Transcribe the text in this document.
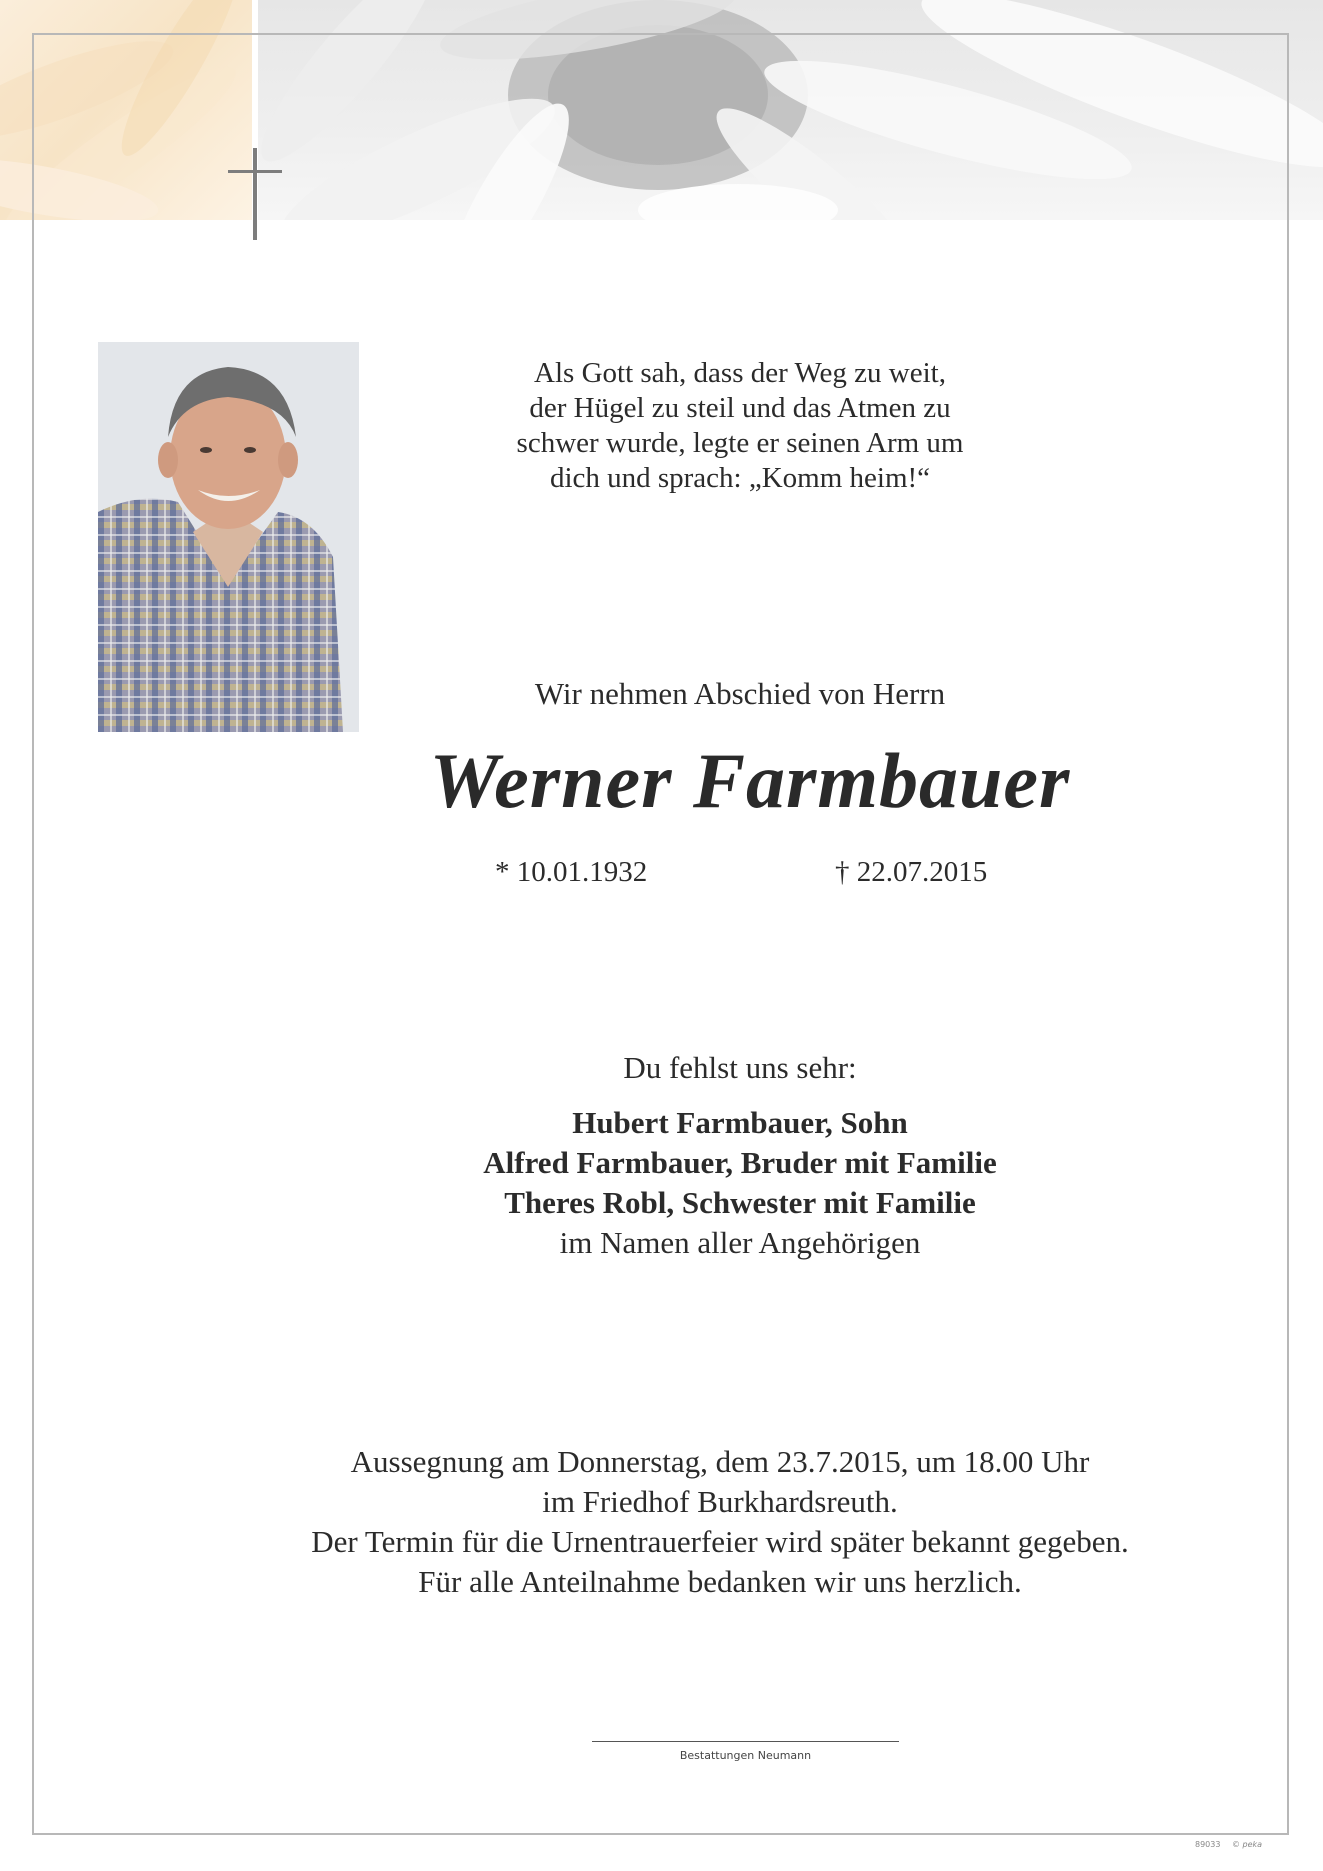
Als Gott sah, dass der Weg zu weit,
der Hügel zu steil und das Atmen zu
schwer wurde, legte er seinen Arm um
dich und sprach: „Komm heim!“
Wir nehmen Abschied von Herrn
Werner Farmbauer
* 10.01.1932	† 22.07.2015
Du fehlst uns sehr:
Hubert Farmbauer, Sohn
Alfred Farmbauer, Bruder mit Familie
Theres Robl, Schwester mit Familie
im Namen aller Angehörigen
Aussegnung am Donnerstag, dem 23.7.2015, um 18.00 Uhr
im Friedhof Burkhardsreuth.
Der Termin für die Urnentrauerfeier wird später bekannt gegeben.
Für alle Anteilnahme bedanken wir uns herzlich.
Bestattungen Neumann
89033 © peka
